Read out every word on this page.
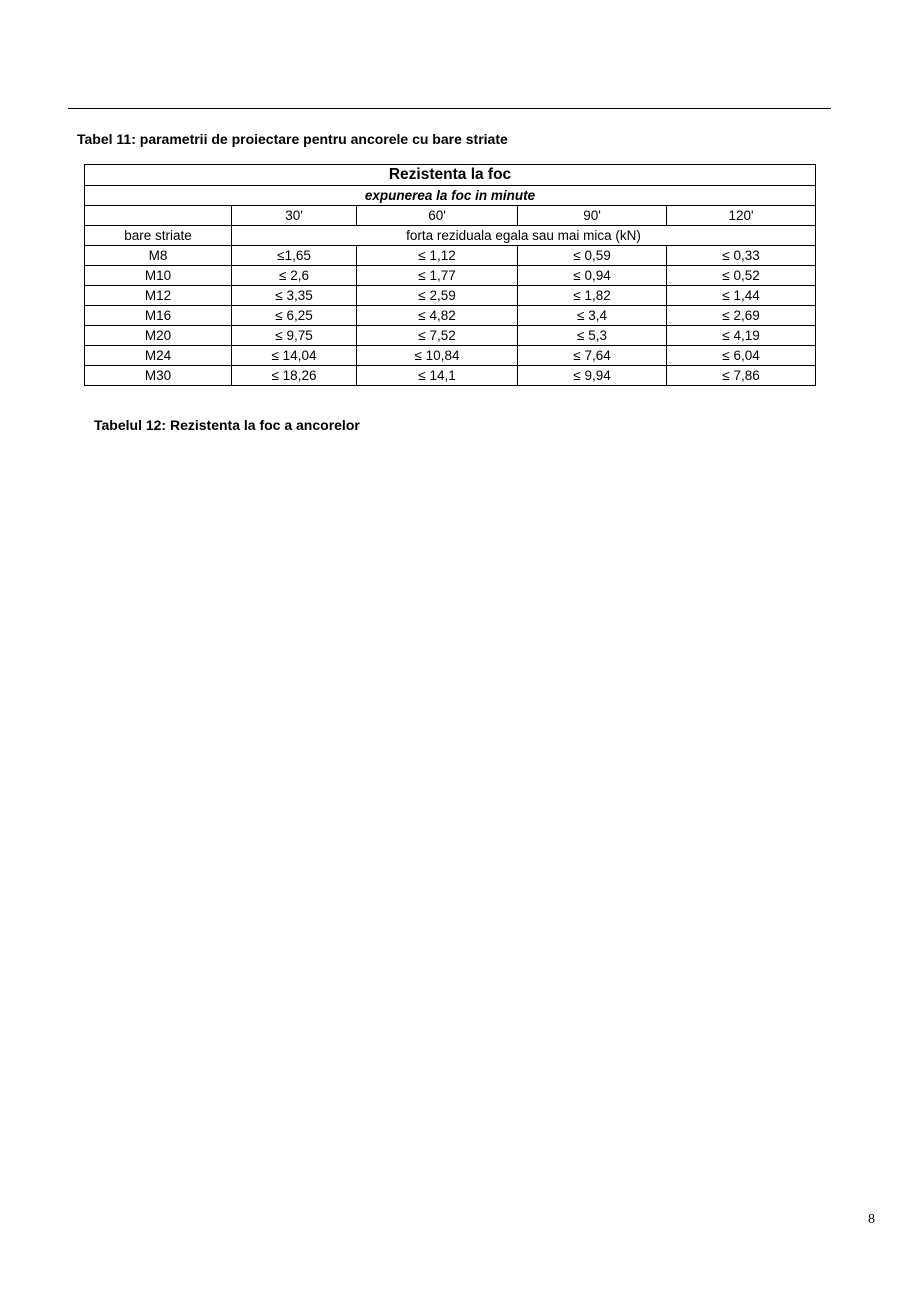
Tabel 11: parametrii de proiectare pentru ancorele cu bare striate
Rezistenta la foc				
expunerea la foc in minute				
	30'	60'	90'	120'
bare striate	forta reziduala egala sau mai mica (kN)			
M8	≤1,65	≤ 1,12	≤ 0,59	≤ 0,33
M10	≤ 2,6	≤ 1,77	≤ 0,94	≤ 0,52
M12	≤ 3,35	≤ 2,59	≤ 1,82	≤ 1,44
M16	≤ 6,25	≤ 4,82	≤ 3,4	≤ 2,69
M20	≤ 9,75	≤ 7,52	≤ 5,3	≤ 4,19
M24	≤ 14,04	≤ 10,84	≤ 7,64	≤ 6,04
M30	≤ 18,26	≤ 14,1	≤ 9,94	≤ 7,86
Tabelul 12: Rezistenta la foc a ancorelor
8
